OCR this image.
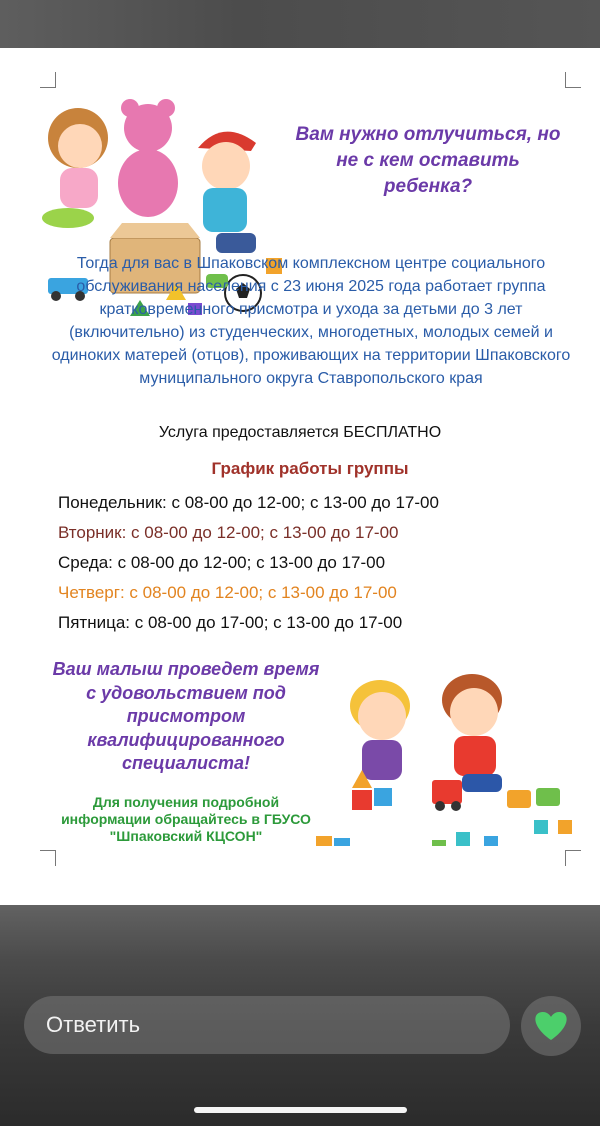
Вам нужно отлучиться, но не с кем оставить ребенка?
Тогда для вас в Шпаковском комплексном центре социального обслуживания населения с 23 июня 2025 года работает группа кратковременного присмотра и ухода за детьми до 3 лет (включительно) из студенческих, многодетных, молодых семей и одиноких матерей (отцов), проживающих на территории Шпаковского муниципального округа Ставропольского края
Услуга предоставляется БЕСПЛАТНО
График работы группы
Понедельник: с 08-00 до 12-00; с 13-00 до 17-00
Вторник: с 08-00 до 12-00; с 13-00 до 17-00
Среда: с 08-00 до 12-00; с 13-00 до 17-00
Четверг: с 08-00 до 12-00; с 13-00 до 17-00
Пятница: с 08-00 до 17-00; с 13-00 до 17-00
Ваш малыш проведет время с удовольствием под присмотром квалифицированного специалиста!
Для получения подробной информации обращайтесь в ГБУСО "Шпаковский КЦСОН"
Ответить
